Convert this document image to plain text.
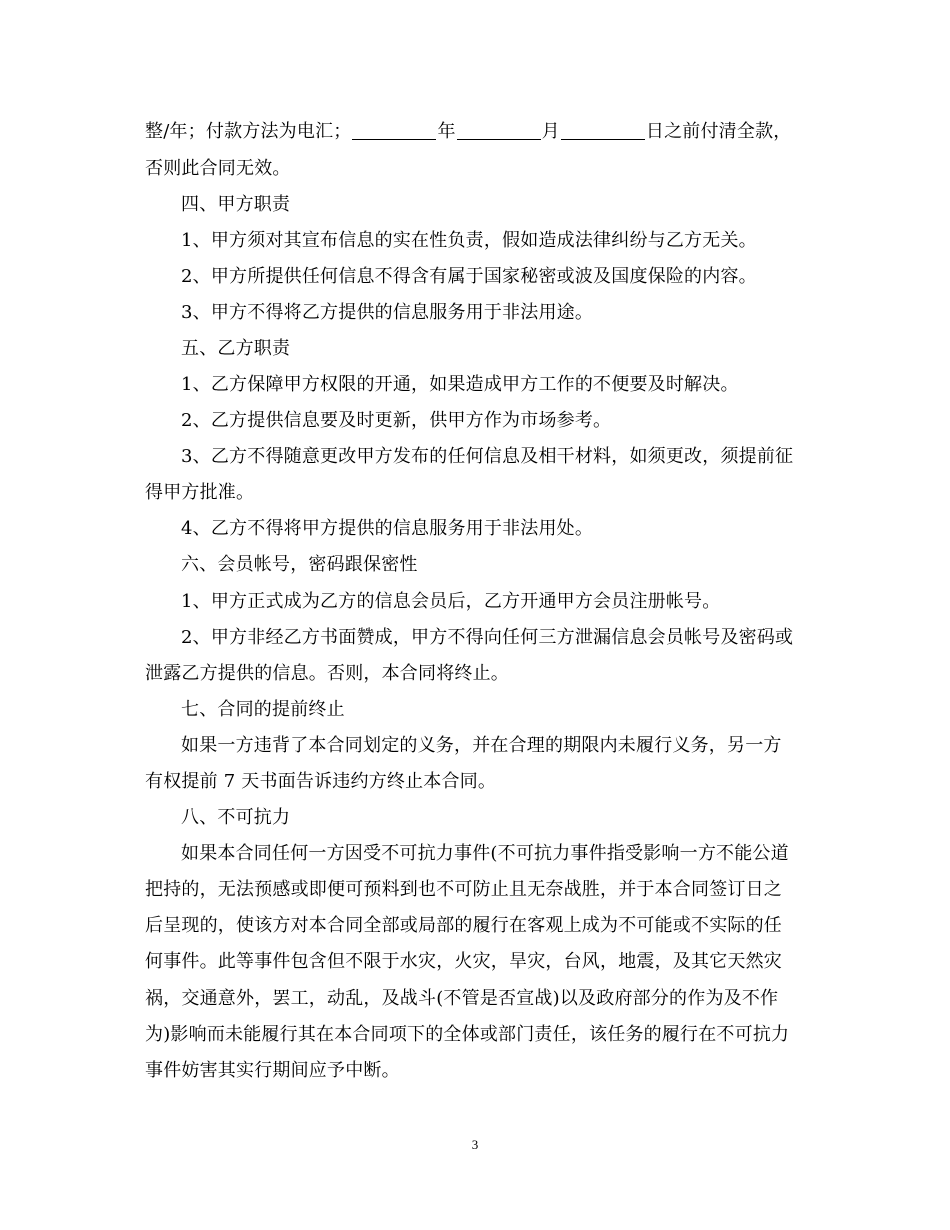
整/年；付款方法为电汇；	年	月	日之前付清全款，
否则此合同无效。
四、甲方职责
1、甲方须对其宣布信息的实在性负责，假如造成法律纠纷与乙方无关。
2、甲方所提供任何信息不得含有属于国家秘密或波及国度保险的内容。
3、甲方不得将乙方提供的信息服务用于非法用途。
五、乙方职责
1、乙方保障甲方权限的开通，如果造成甲方工作的不便要及时解决。
2、乙方提供信息要及时更新，供甲方作为市场参考。
3、乙方不得随意更改甲方发布的任何信息及相干材料，如须更改，须提前征
得甲方批准。
4、乙方不得将甲方提供的信息服务用于非法用处。
六、会员帐号，密码跟保密性
1、甲方正式成为乙方的信息会员后，乙方开通甲方会员注册帐号。
2、甲方非经乙方书面赞成，甲方不得向任何三方泄漏信息会员帐号及密码或
泄露乙方提供的信息。否则，本合同将终止。
七、合同的提前终止
如果一方违背了本合同划定的义务，并在合理的期限内未履行义务，另一方
有权提前 7 天书面告诉违约方终止本合同。
八、不可抗力
如果本合同任何一方因受不可抗力事件(不可抗力事件指受影响一方不能公道
把持的，无法预感或即便可预料到也不可防止且无奈战胜，并于本合同签订日之
后呈现的，使该方对本合同全部或局部的履行在客观上成为不可能或不实际的任
何事件。此等事件包含但不限于水灾，火灾，旱灾，台风，地震，及其它天然灾
祸，交通意外，罢工，动乱，及战斗(不管是否宣战)以及政府部分的作为及不作
为)影响而未能履行其在本合同项下的全体或部门责任，该任务的履行在不可抗力
事件妨害其实行期间应予中断。
3
